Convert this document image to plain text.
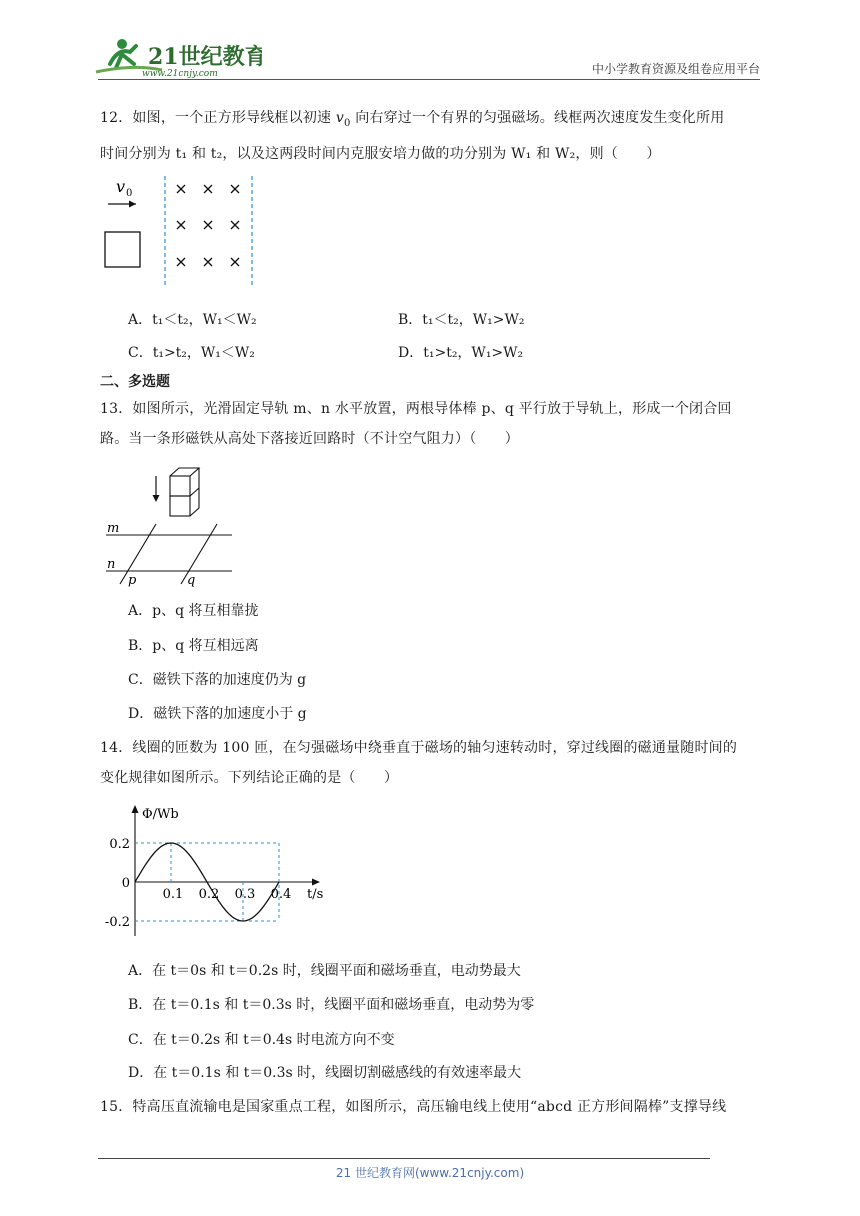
21世纪教育
www.21cnjy.com	中小学教育资源及组卷应用平台
12．如图，一个正方形导线框以初速 $v_0$ 向右穿过一个有界的匀强磁场。线框两次速度发生变化所用
时间分别为 t₁ 和 t₂，以及这两段时间内克服安培力做的功分别为 W₁ 和 W₂，则（　　）
v 0
A．t₁＜t₂，W₁＜W₂	B．t₁＜t₂，W₁>W₂
C．t₁>t₂，W₁＜W₂	D．t₁>t₂，W₁>W₂
二、多选题
13．如图所示，光滑固定导轨 m、n 水平放置，两根导体棒 p、q 平行放于导轨上，形成一个闭合回
路。当一条形磁铁从高处下落接近回路时（不计空气阻力）（　　）
m
n
p	q
A．p、q 将互相靠拢
B．p、q 将互相远离
C．磁铁下落的加速度仍为 g
D．磁铁下落的加速度小于 g
14．线圈的匝数为 100 匝，在匀强磁场中绕垂直于磁场的轴匀速转动时，穿过线圈的磁通量随时间的
变化规律如图所示。下列结论正确的是（　　）
Φ/Wb
t/s
0.2
0
-0.2
0.1 0.2 0.3 0.4
A．在 t＝0s 和 t＝0.2s 时，线圈平面和磁场垂直，电动势最大
B．在 t＝0.1s 和 t＝0.3s 时，线圈平面和磁场垂直，电动势为零
C．在 t＝0.2s 和 t＝0.4s 时电流方向不变
D．在 t＝0.1s 和 t＝0.3s 时，线圈切割磁感线的有效速率最大
15．特高压直流输电是国家重点工程，如图所示，高压输电线上使用“abcd 正方形间隔棒”支撑导线
21 世纪教育网(www.21cnjy.com)
